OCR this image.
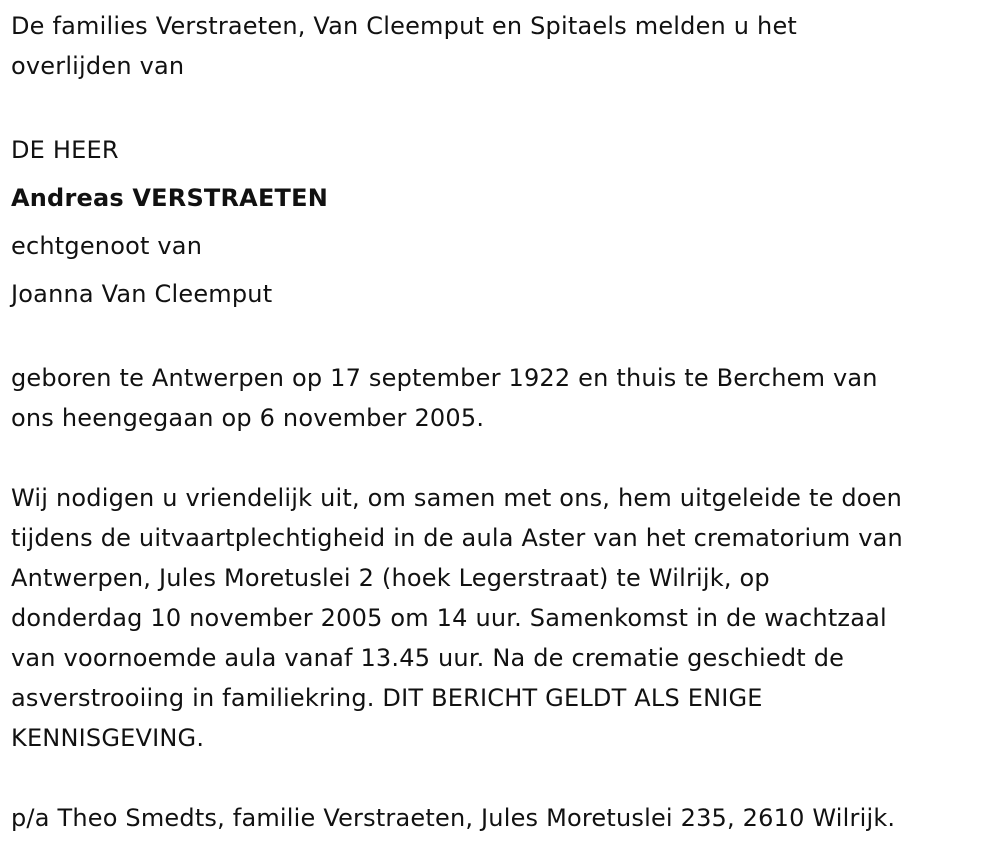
De families Verstraeten, Van Cleemput en Spitaels melden u het
overlijden van
DE HEER
Andreas VERSTRAETEN
echtgenoot van
Joanna Van Cleemput
geboren te Antwerpen op 17 september 1922 en thuis te Berchem van
ons heengegaan op 6 november 2005.
Wij nodigen u vriendelijk uit, om samen met ons, hem uitgeleide te doen
tijdens de uitvaartplechtigheid in de aula Aster van het crematorium van
Antwerpen, Jules Moretuslei 2 (hoek Legerstraat) te Wilrijk, op
donderdag 10 november 2005 om 14 uur. Samenkomst in de wachtzaal
van voornoemde aula vanaf 13.45 uur. Na de crematie geschiedt de
asverstrooiing in familiekring. DIT BERICHT GELDT ALS ENIGE
KENNISGEVING.
p/a Theo Smedts, familie Verstraeten, Jules Moretuslei 235, 2610 Wilrijk.
